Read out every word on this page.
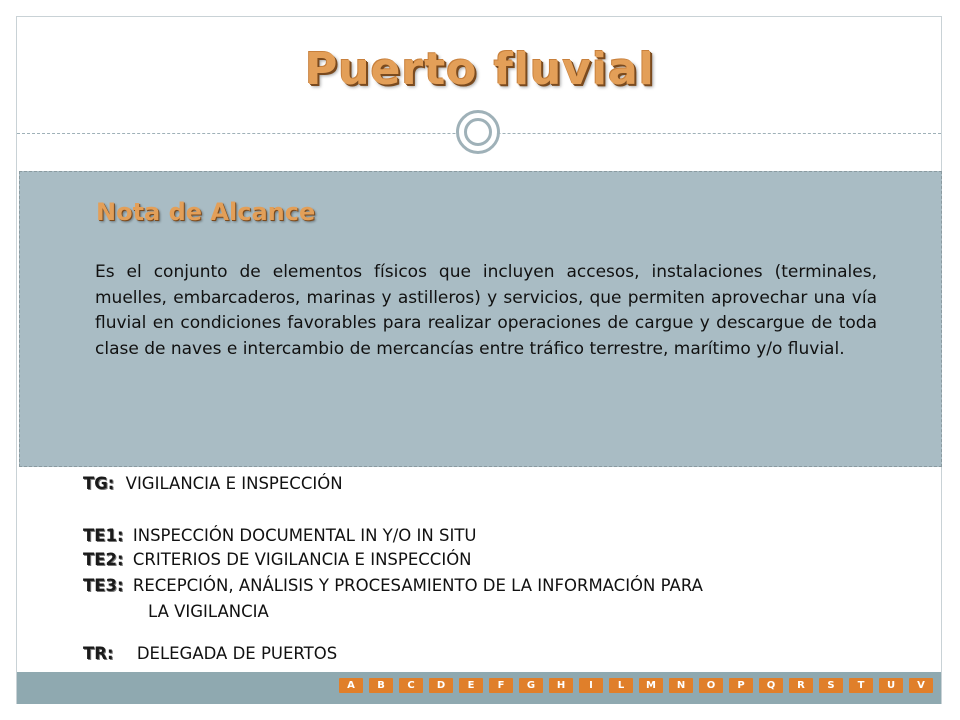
Puerto fluvial
Nota de Alcance
Es el conjunto de elementos físicos que incluyen accesos, instalaciones (terminales, muelles, embarcaderos, marinas y astilleros) y servicios, que permiten aprovechar una vía fluvial en condiciones favorables para realizar operaciones de cargue y descargue de toda clase de naves e intercambio de mercancías entre tráfico terrestre, marítimo y/o fluvial.
TG: VIGILANCIA E INSPECCIÓN
TE1: INSPECCIÓN DOCUMENTAL IN Y/O IN SITU
TE2: CRITERIOS DE VIGILANCIA E INSPECCIÓN
TE3: RECEPCIÓN, ANÁLISIS Y PROCESAMIENTO DE LA INFORMACIÓN PARA
LA VIGILANCIA
TR: DELEGADA DE PUERTOS
A	B	C	D	E	F	G	H	I	L	M	N	O	P	Q	R	S	T	U	V
